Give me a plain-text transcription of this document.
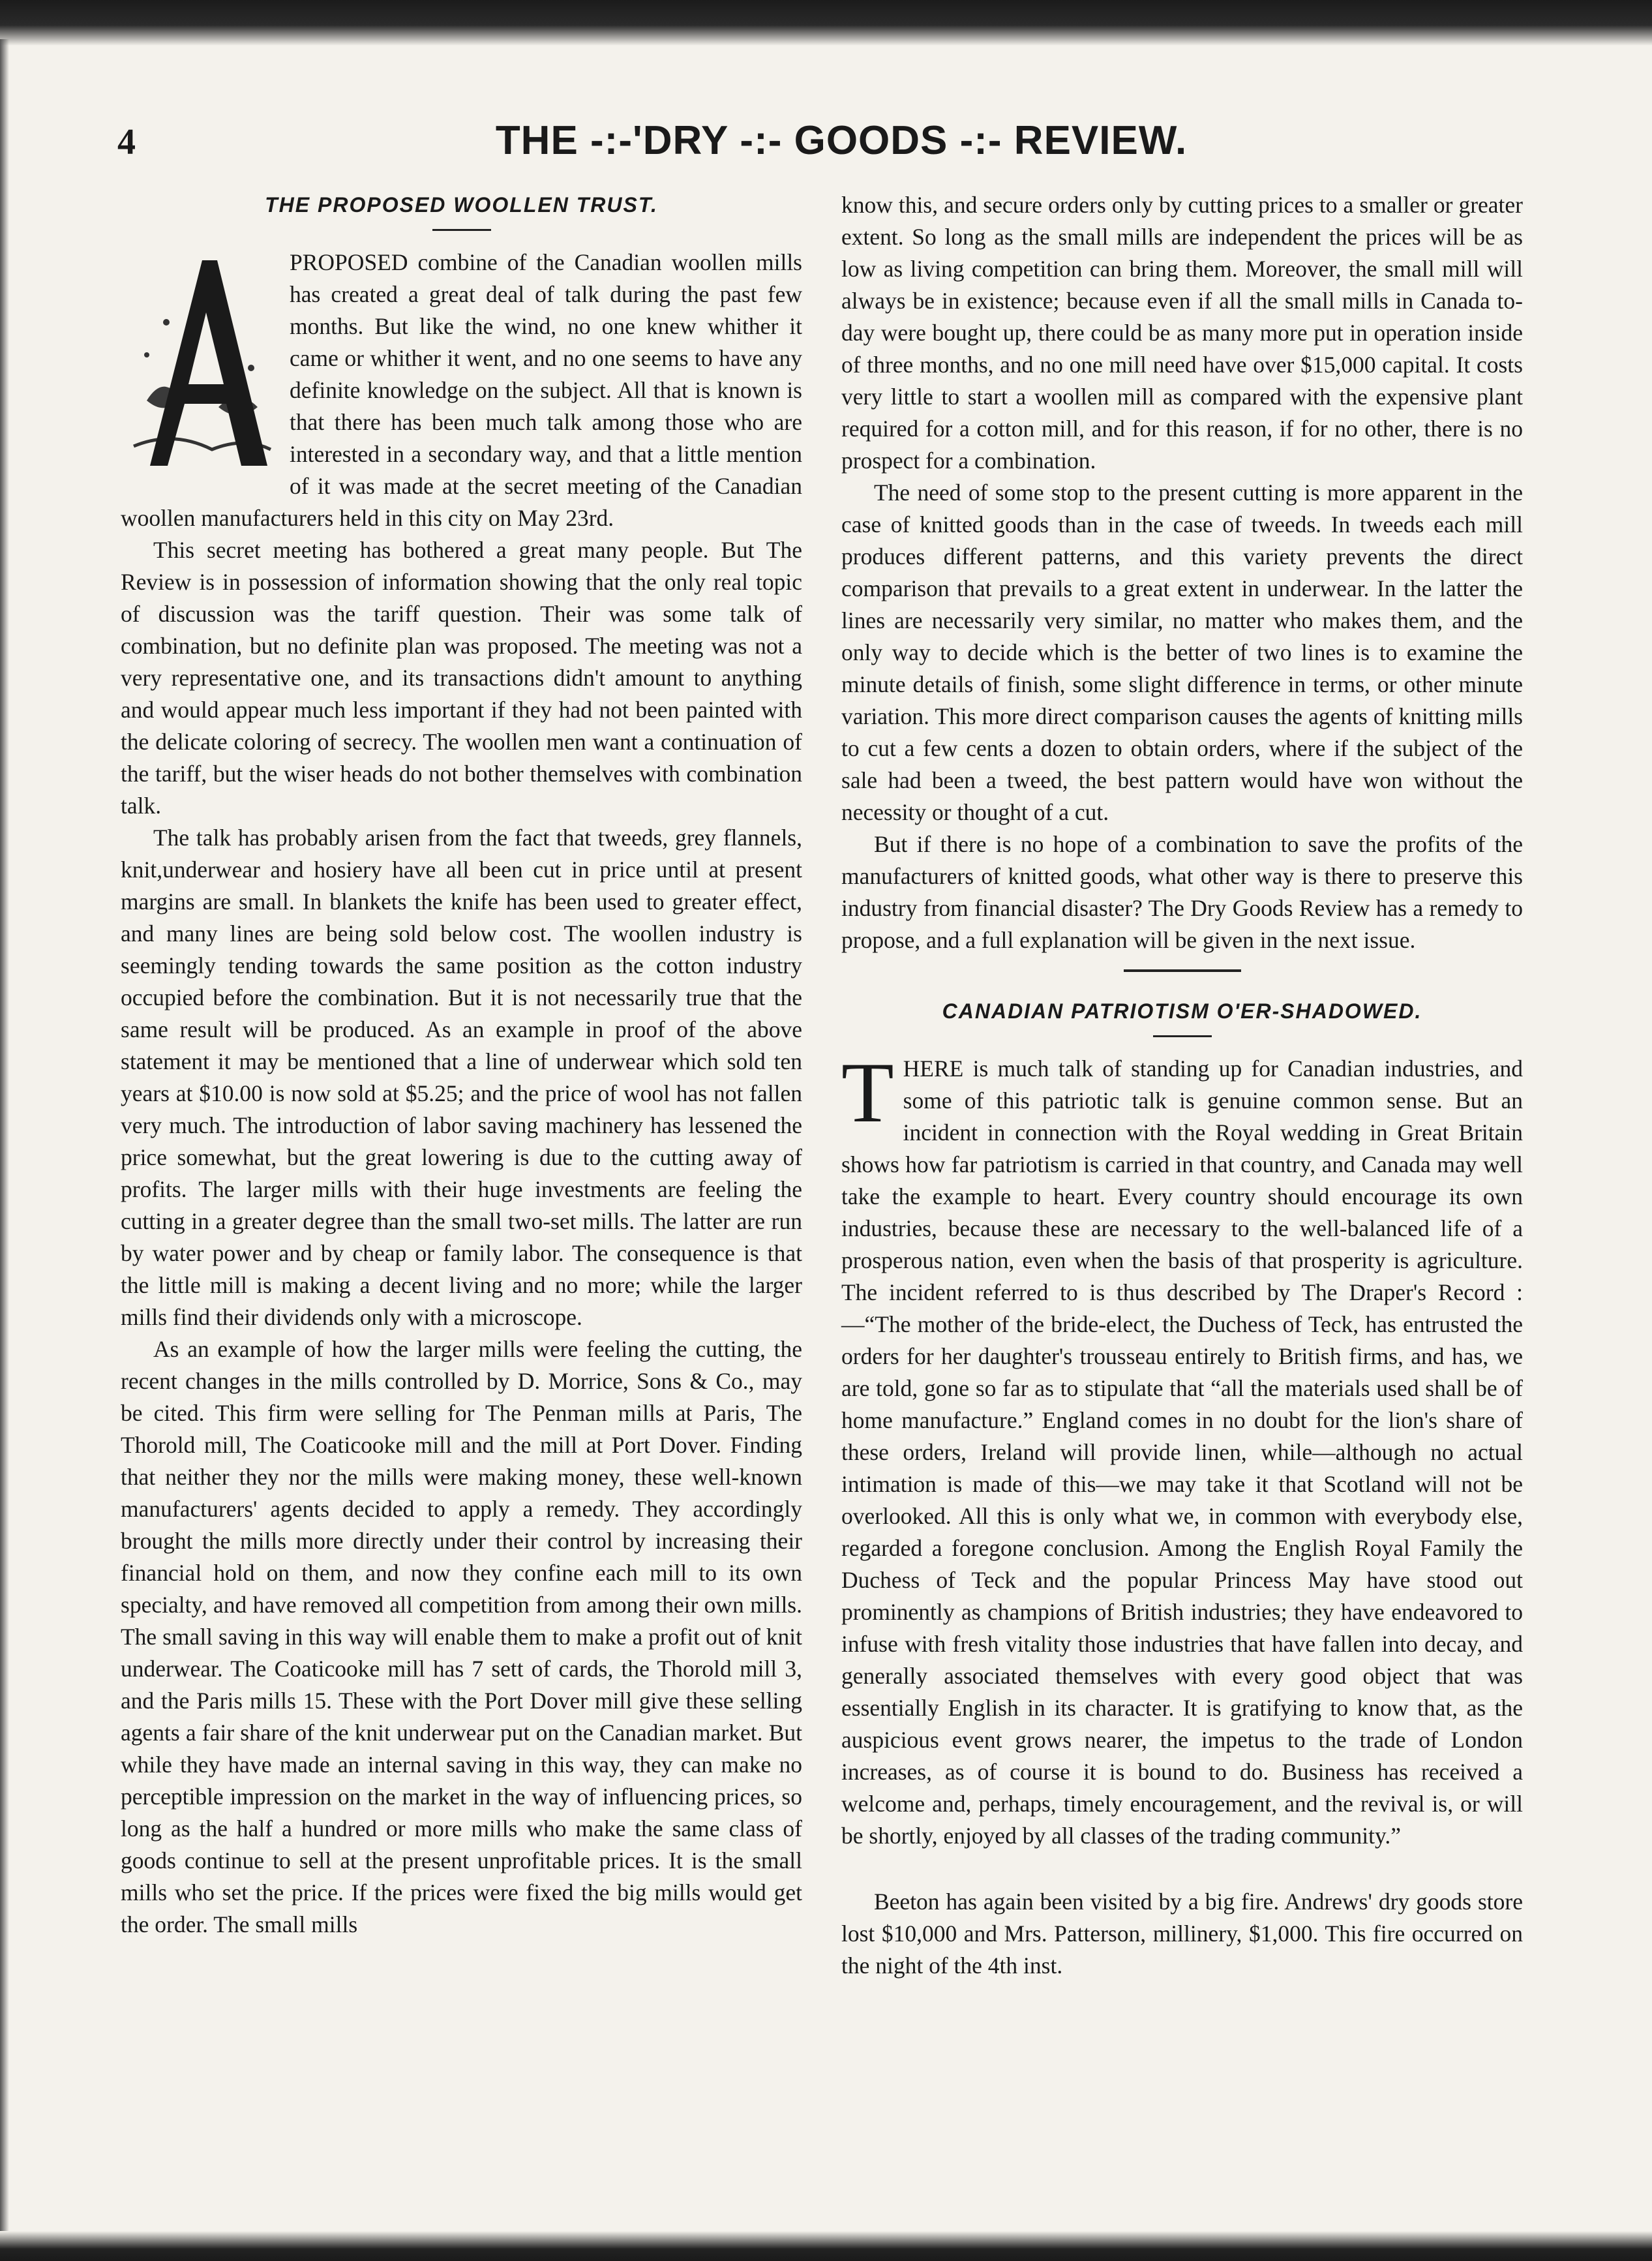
4	THE -:-'DRY -:- GOODS -:- REVIEW.
THE PROPOSED WOOLLEN TRUST.

A	PROPOSED combine of the Canadian woollen mills has created a great deal of talk during the past few months. But like the wind, no one knew whither it came or whither it went, and no one seems to have any definite knowledge on the subject. All that is known is that there has been much talk among those who are interested in a secondary way, and that a little mention of it was made at the secret meeting of the Canadian woollen manufacturers held in this city on May 23rd.

This secret meeting has bothered a great many people. But The Review is in possession of information showing that the only real topic of discussion was the tariff question. Their was some talk of combination, but no definite plan was proposed. The meeting was not a very representative one, and its transactions didn't amount to anything and would appear much less important if they had not been painted with the delicate coloring of secrecy. The woollen men want a continuation of the tariff, but the wiser heads do not bother themselves with combination talk.

The talk has probably arisen from the fact that tweeds, grey flannels, knit,underwear and hosiery have all been cut in price until at present margins are small. In blankets the knife has been used to greater effect, and many lines are being sold below cost. The woollen industry is seemingly tending towards the same position as the cotton industry occupied before the combination. But it is not necessarily true that the same result will be produced. As an example in proof of the above statement it may be mentioned that a line of underwear which sold ten years at $10.00 is now sold at $5.25; and the price of wool has not fallen very much. The introduction of labor saving machinery has lessened the price somewhat, but the great lowering is due to the cutting away of profits. The larger mills with their huge investments are feeling the cutting in a greater degree than the small two-set mills. The latter are run by water power and by cheap or family labor. The consequence is that the little mill is making a decent living and no more; while the larger mills find their dividends only with a microscope.

As an example of how the larger mills were feeling the cutting, the recent changes in the mills controlled by D. Morrice, Sons & Co., may be cited. This firm were selling for The Penman mills at Paris, The Thorold mill, The Coaticooke mill and the mill at Port Dover. Finding that neither they nor the mills were making money, these well-known manufacturers' agents decided to apply a remedy. They accordingly brought the mills more directly under their control by increasing their financial hold on them, and now they confine each mill to its own specialty, and have removed all competition from among their own mills. The small saving in this way will enable them to make a profit out of knit underwear. The Coaticooke mill has 7 sett of cards, the Thorold mill 3, and the Paris mills 15. These with the Port Dover mill give these selling agents a fair share of the knit underwear put on the Canadian market. But while they have made an internal saving in this way, they can make no perceptible impression on the market in the way of influencing prices, so long as the half a hundred or more mills who make the same class of goods continue to sell at the present unprofitable prices. It is the small mills who set the price. If the prices were fixed the big mills would get the order. The small mills

know this, and secure orders only by cutting prices to a smaller or greater extent. So long as the small mills are independent the prices will be as low as living competition can bring them. Moreover, the small mill will always be in existence; because even if all the small mills in Canada to-day were bought up, there could be as many more put in operation inside of three months, and no one mill need have over $15,000 capital. It costs very little to start a woollen mill as compared with the expensive plant required for a cotton mill, and for this reason, if for no other, there is no prospect for a combination.

The need of some stop to the present cutting is more apparent in the case of knitted goods than in the case of tweeds. In tweeds each mill produces different patterns, and this variety prevents the direct comparison that prevails to a great extent in underwear. In the latter the lines are necessarily very similar, no matter who makes them, and the only way to decide which is the better of two lines is to examine the minute details of finish, some slight difference in terms, or other minute variation. This more direct comparison causes the agents of knitting mills to cut a few cents a dozen to obtain orders, where if the subject of the sale had been a tweed, the best pattern would have won without the necessity or thought of a cut.

But if there is no hope of a combination to save the profits of the manufacturers of knitted goods, what other way is there to preserve this industry from financial disaster? The Dry Goods Review has a remedy to propose, and a full explanation will be given in the next issue.

CANADIAN PATRIOTISM O'ER-SHADOWED.

THERE is much talk of standing up for Canadian industries, and some of this patriotic talk is genuine common sense. But an incident in connection with the Royal wedding in Great Britain shows how far patriotism is carried in that country, and Canada may well take the example to heart. Every country should encourage its own industries, because these are necessary to the well-balanced life of a prosperous nation, even when the basis of that prosperity is agriculture. The incident referred to is thus described by The Draper's Record :—“The mother of the bride-elect, the Duchess of Teck, has entrusted the orders for her daughter's trousseau entirely to British firms, and has, we are told, gone so far as to stipulate that “all the materials used shall be of home manufacture.” England comes in no doubt for the lion's share of these orders, Ireland will provide linen, while—although no actual intimation is made of this—we may take it that Scotland will not be overlooked. All this is only what we, in common with everybody else, regarded a foregone conclusion. Among the English Royal Family the Duchess of Teck and the popular Princess May have stood out prominently as champions of British industries; they have endeavored to infuse with fresh vitality those industries that have fallen into decay, and generally associated themselves with every good object that was essentially English in its character. It is gratifying to know that, as the auspicious event grows nearer, the impetus to the trade of London increases, as of course it is bound to do. Business has received a welcome and, perhaps, timely encouragement, and the revival is, or will be shortly, enjoyed by all classes of the trading community.”

Beeton has again been visited by a big fire. Andrews' dry goods store lost $10,000 and Mrs. Patterson, millinery, $1,000. This fire occurred on the night of the 4th inst.
